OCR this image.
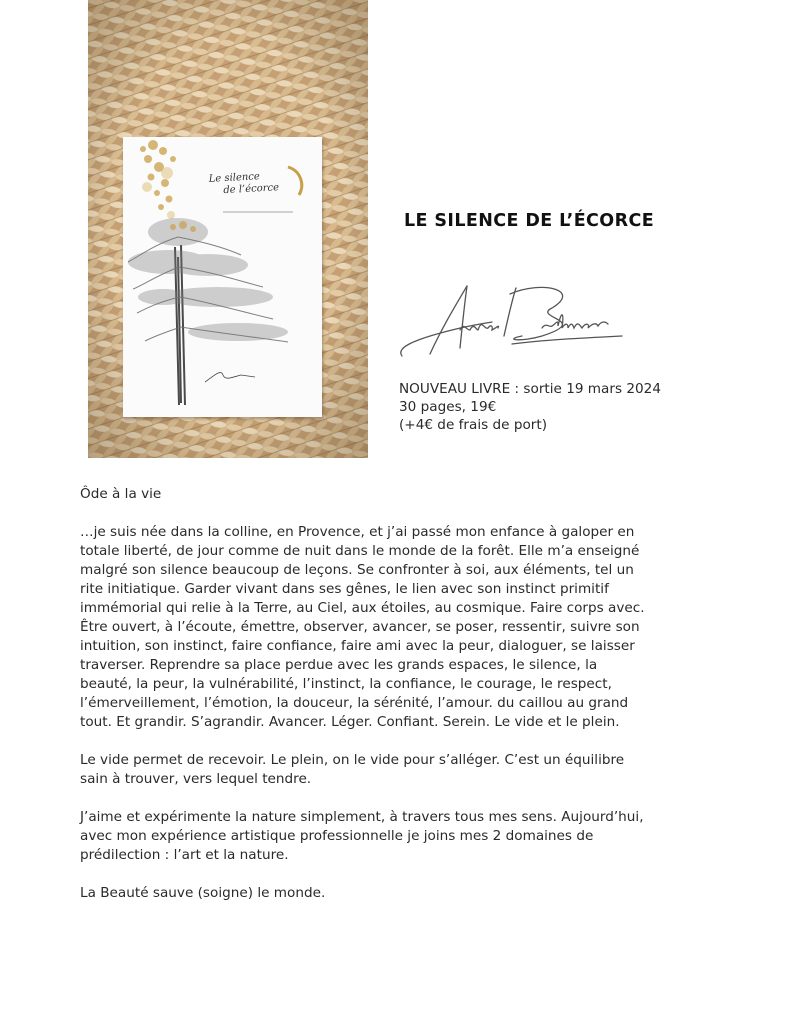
Le silence
de l’écorce
LE SILENCE DE L’ÉCORCE
NOUVEAU LIVRE : sortie 19 mars 2024
30 pages, 19€
(+4€ de frais de port)

Ôde à la vie

…je suis née dans la colline, en Provence, et j’ai passé mon enfance à galoper en
totale liberté, de jour comme de nuit dans le monde de la forêt. Elle m’a enseigné
malgré son silence beaucoup de leçons. Se confronter à soi, aux éléments, tel un
rite initiatique. Garder vivant dans ses gênes, le lien avec son instinct primitif
immémorial qui relie à la Terre, au Ciel, aux étoiles, au cosmique. Faire corps avec.
Être ouvert, à l’écoute, émettre, observer, avancer, se poser, ressentir, suivre son
intuition, son instinct, faire confiance, faire ami avec la peur, dialoguer, se laisser
traverser. Reprendre sa place perdue avec les grands espaces, le silence, la
beauté, la peur, la vulnérabilité, l’instinct, la confiance, le courage, le respect,
l’émerveillement, l’émotion, la douceur, la sérénité, l’amour. du caillou au grand
tout. Et grandir. S’agrandir. Avancer. Léger. Confiant. Serein. Le vide et le plein.

Le vide permet de recevoir. Le plein, on le vide pour s’alléger. C’est un équilibre
sain à trouver, vers lequel tendre.

J’aime et expérimente la nature simplement, à travers tous mes sens. Aujourd’hui,
avec mon expérience artistique professionnelle je joins mes 2 domaines de
prédilection : l’art et la nature.

La Beauté sauve (soigne) le monde.
